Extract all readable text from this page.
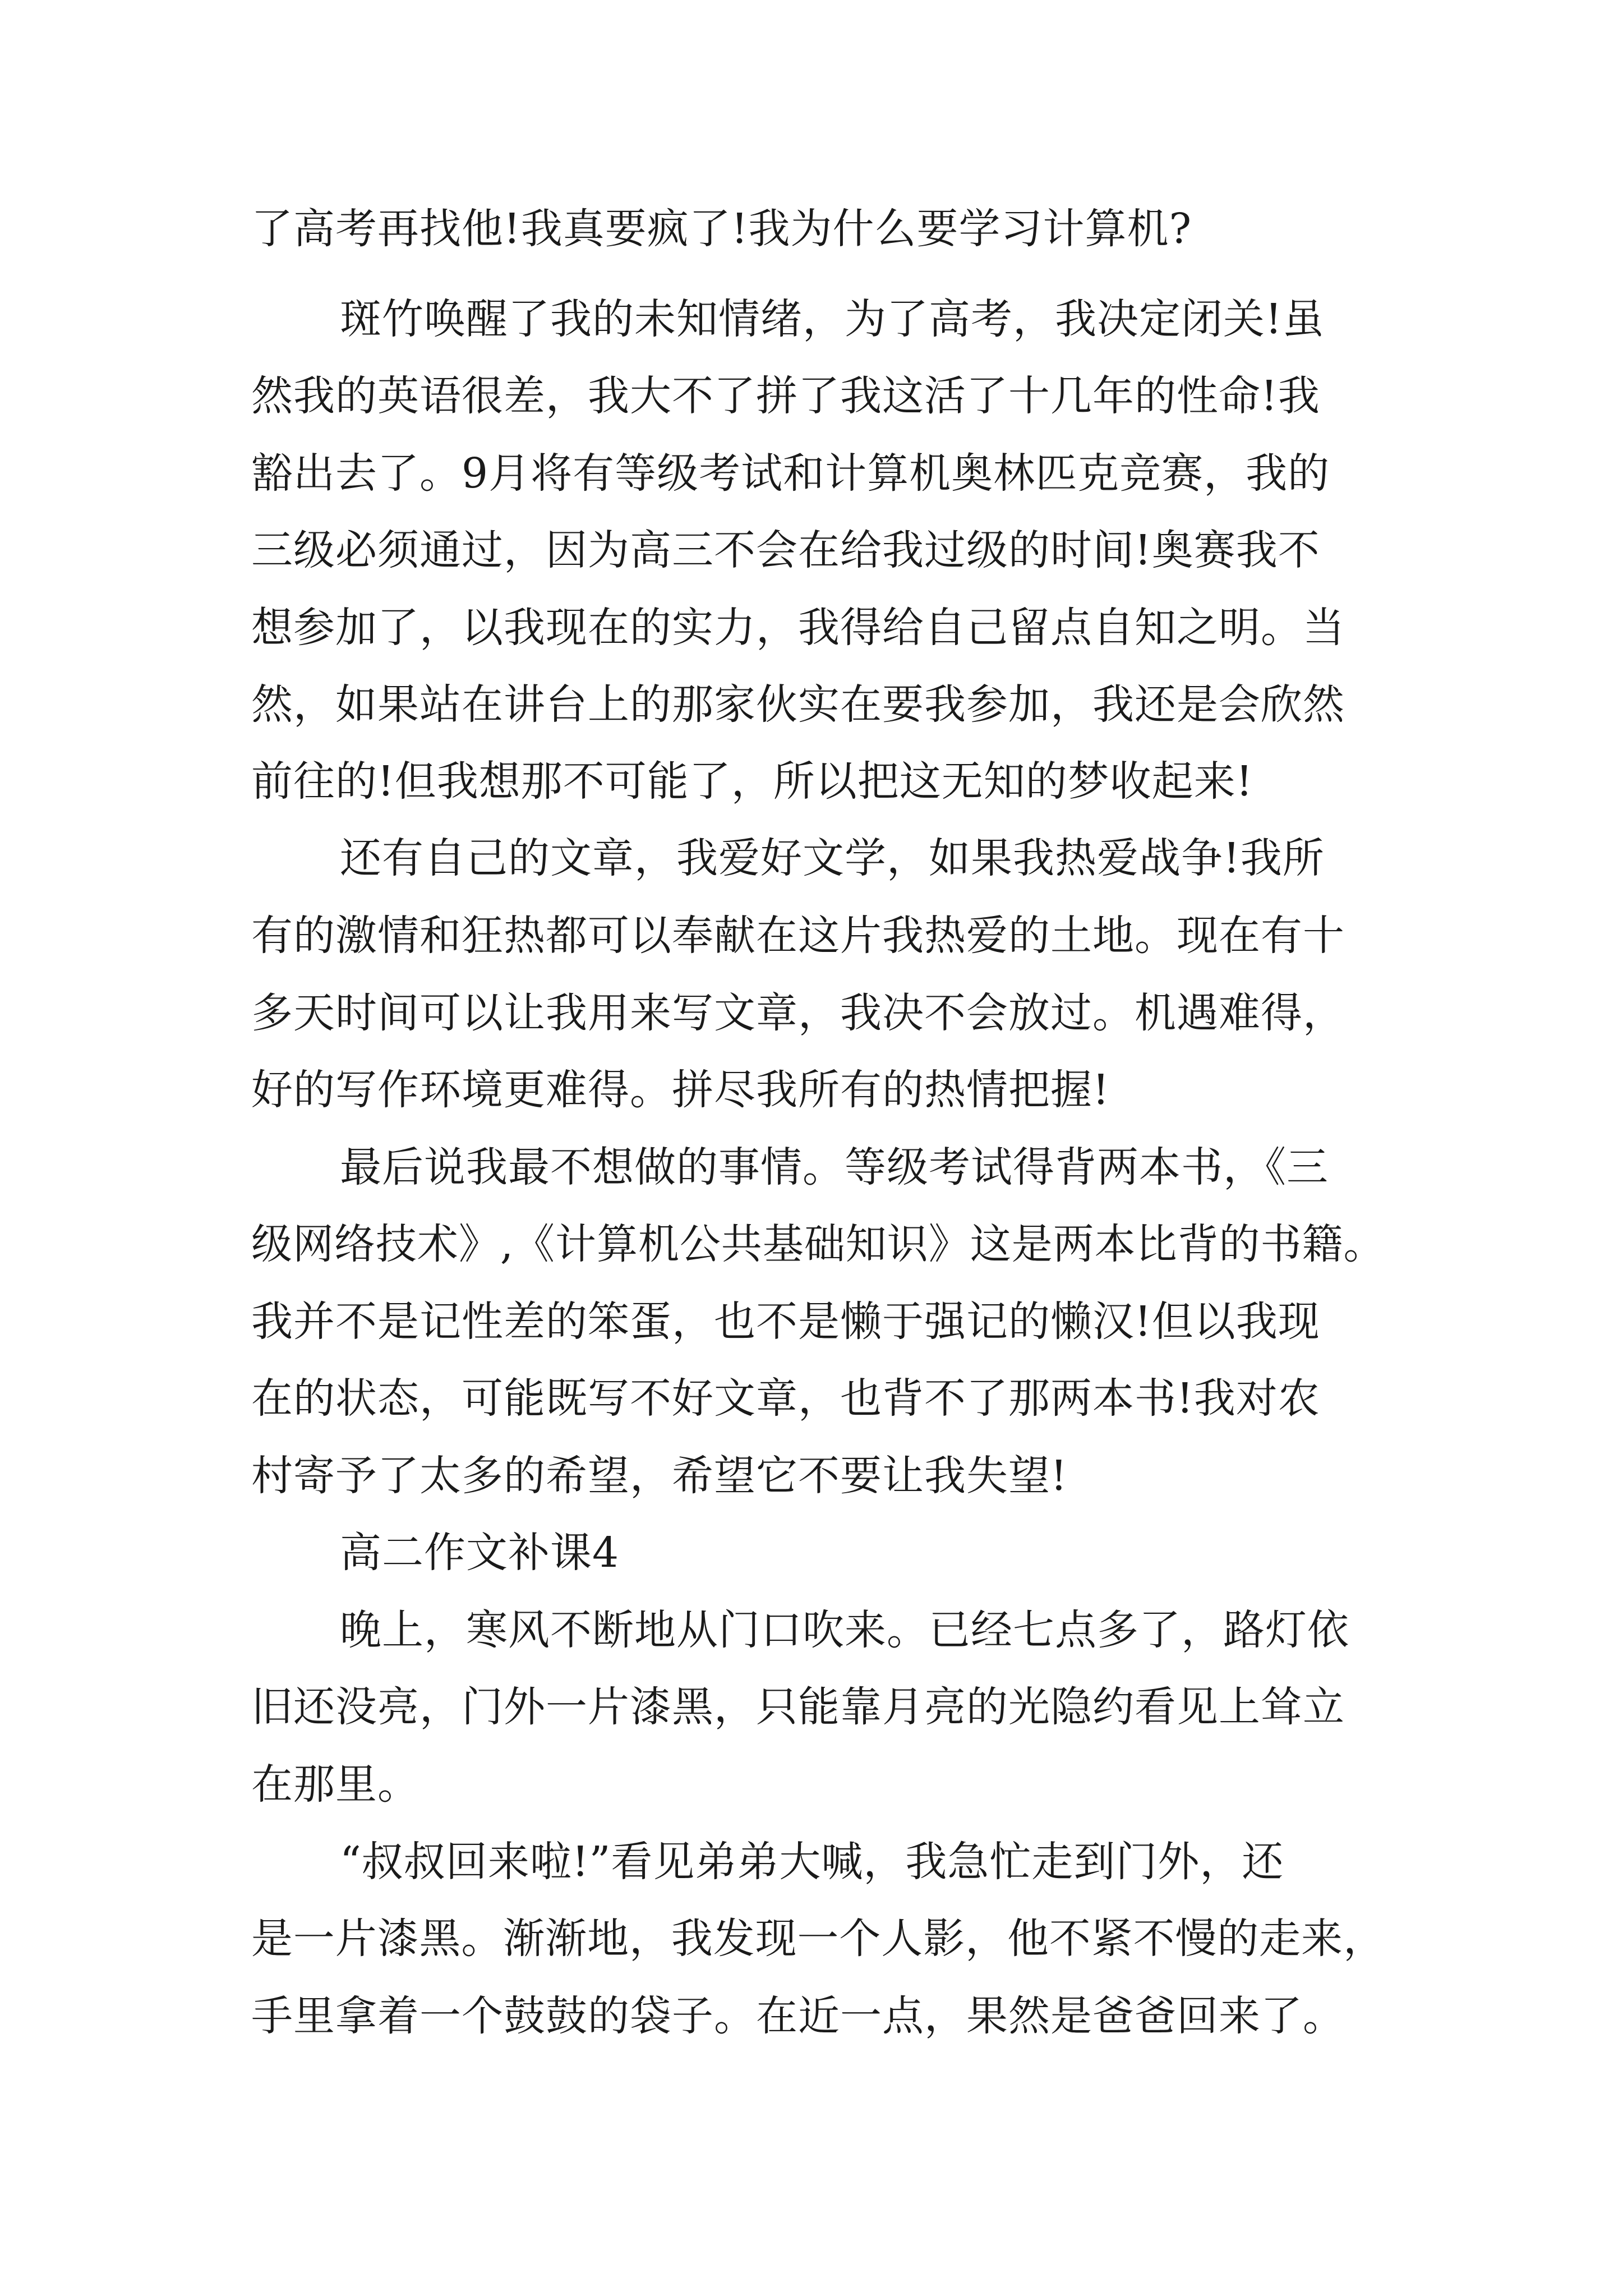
了高考再找他!我真要疯了!我为什么要学习计算机?
斑竹唤醒了我的未知情绪，为了高考，我决定闭关!虽
然我的英语很差，我大不了拼了我这活了十几年的性命!我
豁出去了。9月将有等级考试和计算机奥林匹克竞赛，我的
三级必须通过，因为高三不会在给我过级的时间!奥赛我不
想参加了，以我现在的实力，我得给自己留点自知之明。当
然，如果站在讲台上的那家伙实在要我参加，我还是会欣然
前往的!但我想那不可能了，所以把这无知的梦收起来!
还有自己的文章，我爱好文学，如果我热爱战争!我所
有的激情和狂热都可以奉献在这片我热爱的土地。现在有十
多天时间可以让我用来写文章，我决不会放过。机遇难得，
好的写作环境更难得。拼尽我所有的热情把握!
最后说我最不想做的事情。等级考试得背两本书，《三
级网络技术》,《计算机公共基础知识》这是两本比背的书籍。
我并不是记性差的笨蛋，也不是懒于强记的懒汉!但以我现
在的状态，可能既写不好文章，也背不了那两本书!我对农
村寄予了太多的希望，希望它不要让我失望!
高二作文补课4
晚上，寒风不断地从门口吹来。已经七点多了，路灯依
旧还没亮，门外一片漆黑，只能靠月亮的光隐约看见上耸立
在那里。
“叔叔回来啦!”看见弟弟大喊，我急忙走到门外，还
是一片漆黑。渐渐地，我发现一个人影，他不紧不慢的走来，
手里拿着一个鼓鼓的袋子。在近一点，果然是爸爸回来了。
